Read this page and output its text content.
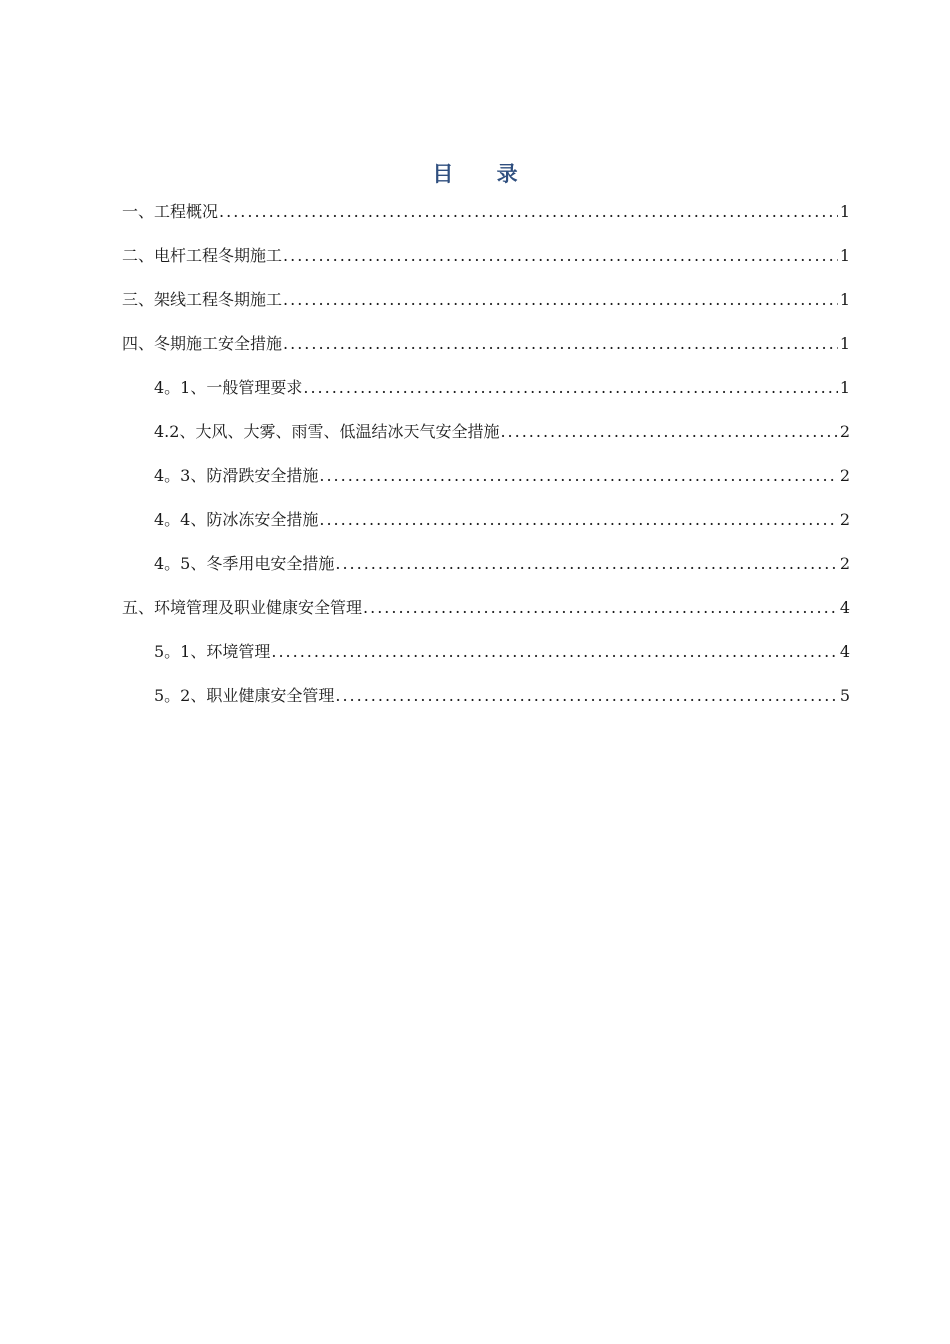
目 录
一、工程概况 .....	1
二、电杆工程冬期施工 .....	1
三、架线工程冬期施工 .....	1
四、冬期施工安全措施 .....	1
4。1、一般管理要求 .....	1
4.2、大风、大雾、雨雪、低温结冰天气安全措施 .....	2
4。3、防滑跌安全措施 .....	2
4。4、防冰冻安全措施 .....	2
4。5、冬季用电安全措施 .....	2
五、环境管理及职业健康安全管理 .....	4
5。1、环境管理 .....	4
5。2、职业健康安全管理 .....	5
